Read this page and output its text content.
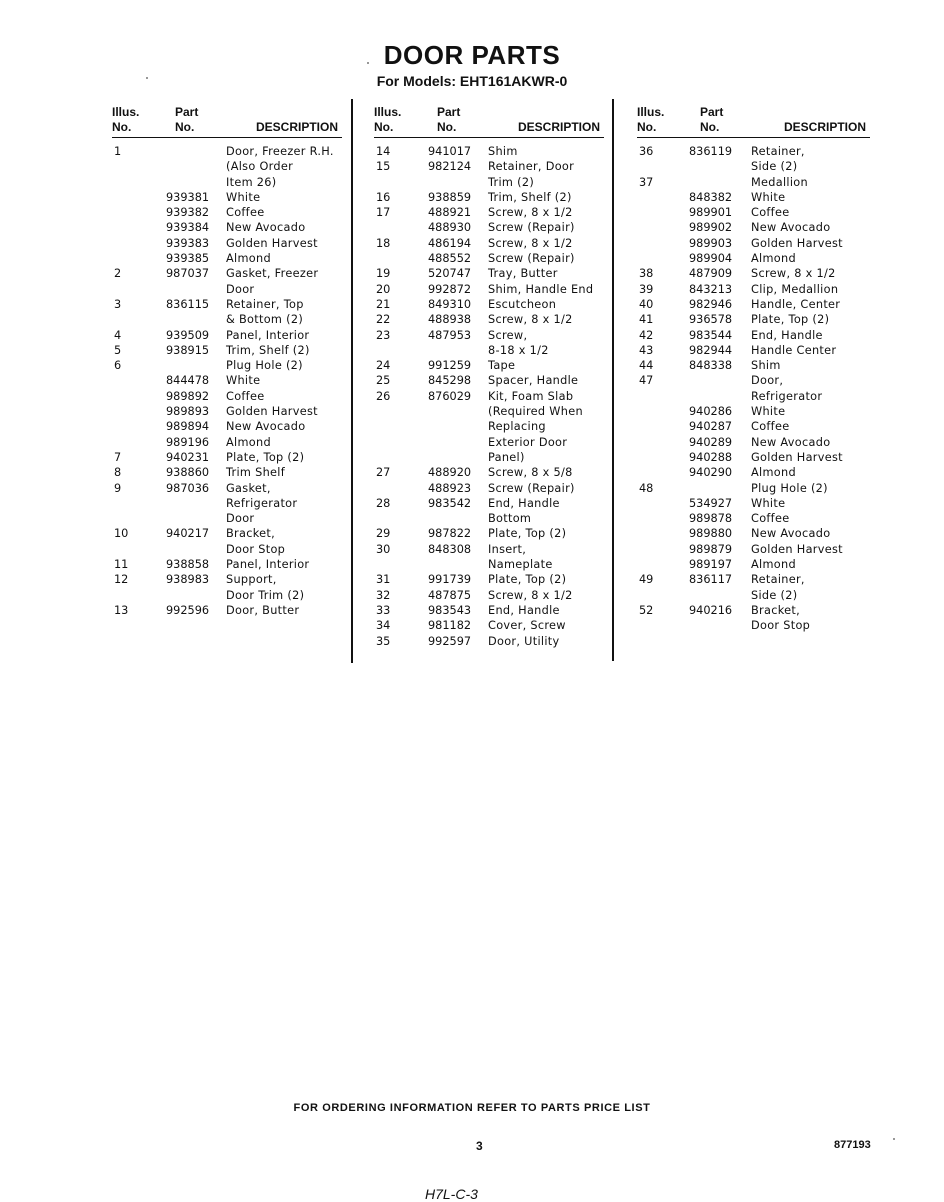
DOOR PARTS
For Models: EHT161AKWR-0
Illus.
No.
Part
No.	DESCRIPTION
1	Door, Freezer R.H.
(Also Order
Item 26)
939381 White
939382 Coffee
939384 New Avocado
939383 Golden Harvest
939385 Almond
2	987037 Gasket, Freezer
Door
3	836115 Retainer, Top
& Bottom (2)
4	939509 Panel, Interior
5	938915 Trim, Shelf (2)
6	Plug Hole (2)
844478 White
989892 Coffee
989893 Golden Harvest
989894 New Avocado
989196 Almond
7	940231 Plate, Top (2)
8	938860 Trim Shelf
9	987036 Gasket,
Refrigerator
Door
10	940217 Bracket,
Door Stop
11	938858 Panel, Interior
12	938983 Support,
Door Trim (2)
13	992596 Door, Butter
Illus.
No.
Part
No.	DESCRIPTION
14	941017 Shim
15	982124 Retainer, Door
Trim (2)
16	938859 Trim, Shelf (2)
17	488921 Screw, 8 x 1/2
488930 Screw (Repair)
18	486194 Screw, 8 x 1/2
488552 Screw (Repair)
19	520747 Tray, Butter
20	992872 Shim, Handle End
21	849310 Escutcheon
22	488938 Screw, 8 x 1/2
23	487953 Screw,
8-18 x 1/2
24	991259 Tape
25	845298 Spacer, Handle
26	876029 Kit, Foam Slab
(Required When
Replacing
Exterior Door
Panel)
27	488920 Screw, 8 x 5/8
488923 Screw (Repair)
28	983542 End, Handle
Bottom
29	987822 Plate, Top (2)
30	848308 Insert,
Nameplate
31	991739 Plate, Top (2)
32	487875 Screw, 8 x 1/2
33	983543 End, Handle
34	981182 Cover, Screw
35	992597 Door, Utility
Illus.
No.
Part
No.	DESCRIPTION
36	836119 Retainer,
Side (2)
37	Medallion
848382 White
989901 Coffee
989902 New Avocado
989903 Golden Harvest
989904 Almond
38	487909 Screw, 8 x 1/2
39	843213 Clip, Medallion
40	982946 Handle, Center
41	936578 Plate, Top (2)
42	983544 End, Handle
43	982944 Handle Center
44	848338 Shim
47	Door,
Refrigerator
940286 White
940287 Coffee
940289 New Avocado
940288 Golden Harvest
940290 Almond
48	Plug Hole (2)
534927 White
989878 Coffee
989880 New Avocado
989879 Golden Harvest
989197 Almond
49	836117 Retainer,
Side (2)
52	940216 Bracket,
Door Stop
FOR ORDERING INFORMATION REFER TO PARTS PRICE LIST
3	877193
H7L-C-3
